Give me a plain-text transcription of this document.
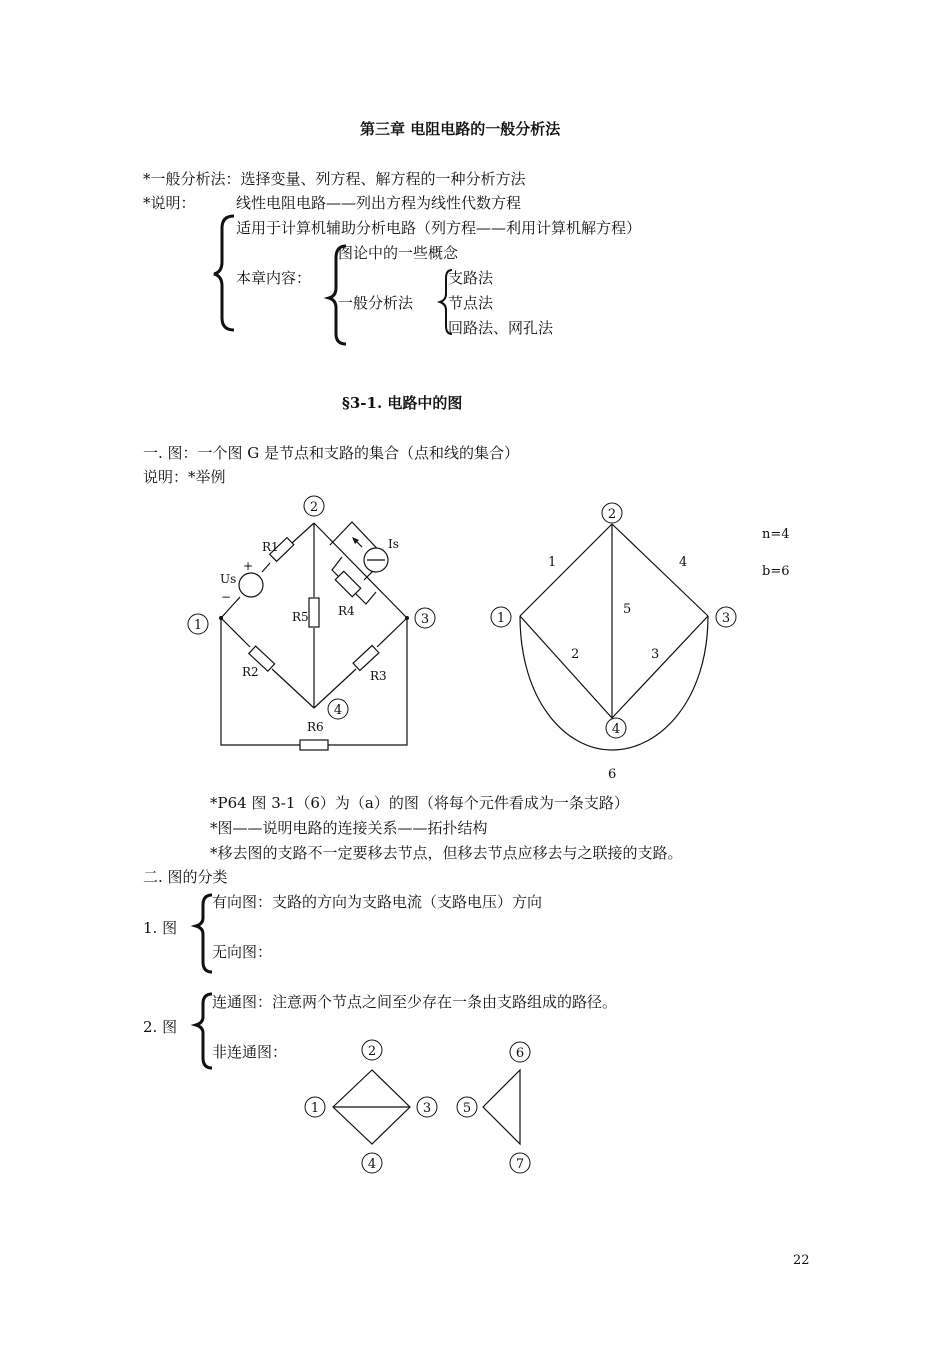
第三章 电阻电路的一般分析法
*一般分析法：选择变量、列方程、解方程的一种分析方法
*说明：	线性电阻电路——列出方程为线性代数方程
适用于计算机辅助分析电路（列方程——利用计算机解方程）
本章内容：
图论中的一些概念
一般分析法
支路法
节点法
回路法、网孔法
§3-1. 电路中的图
一. 图：一个图 G 是节点和支路的集合（点和线的集合）
说明：*举例
2
1	3
4
R1
R5 R4
R2	R3
R6
Us
Is
+
−
2
1	3
4
1
2	3
4
5
6
n=4
b=6
*P64 图 3-1（6）为（a）的图（将每个元件看成为一条支路）
*图——说明电路的连接关系——拓扑结构
*移去图的支路不一定要移去节点，但移去节点应移去与之联接的支路。
二. 图的分类
1. 图
有向图：支路的方向为支路电流（支路电压）方向
无向图：
2. 图
连通图：注意两个节点之间至少存在一条由支路组成的路径。
非连通图：
1
2
3
4
5
6
7
22
